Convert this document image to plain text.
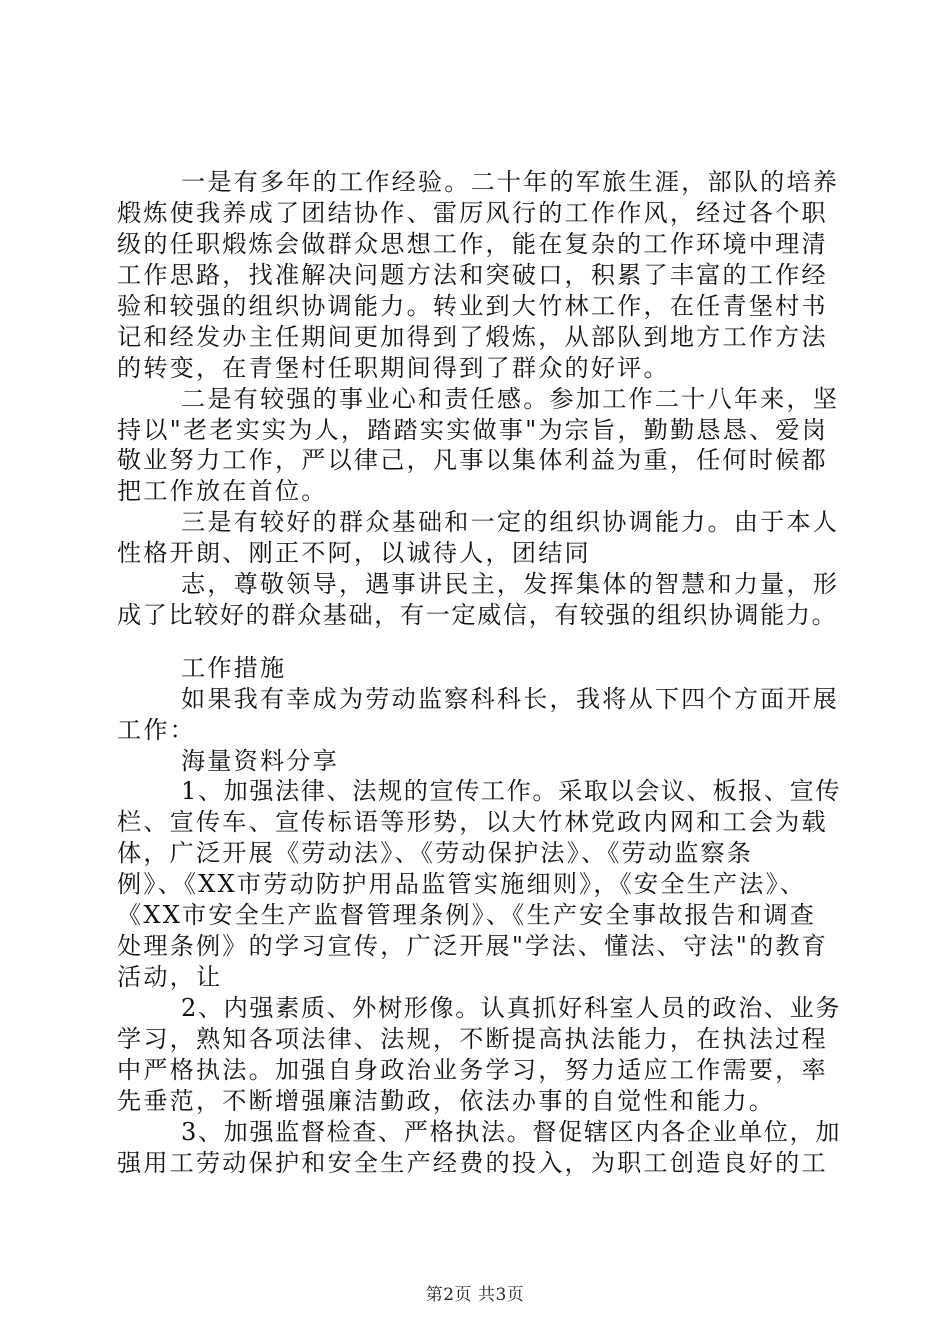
一是有多年的工作经验。二十年的军旅生涯，部队的培养
煅炼使我养成了团结协作、雷厉风行的工作作风，经过各个职
级的任职煅炼会做群众思想工作，能在复杂的工作环境中理清
工作思路，找准解决问题方法和突破口，积累了丰富的工作经
验和较强的组织协调能力。转业到大竹林工作，在任青堡村书
记和经发办主任期间更加得到了煅炼，从部队到地方工作方法
的转变，在青堡村任职期间得到了群众的好评。
二是有较强的事业心和责任感。参加工作二十八年来，坚
持以"老老实实为人，踏踏实实做事"为宗旨，勤勤恳恳、爱岗
敬业努力工作，严以律己，凡事以集体利益为重，任何时候都
把工作放在首位。
三是有较好的群众基础和一定的组织协调能力。由于本人
性格开朗、刚正不阿，以诚待人，团结同
志，尊敬领导，遇事讲民主，发挥集体的智慧和力量，形
成了比较好的群众基础，有一定威信，有较强的组织协调能力。
工作措施
如果我有幸成为劳动监察科科长，我将从下四个方面开展
工作：
海量资料分享
1、加强法律、法规的宣传工作。采取以会议、板报、宣传
栏、宣传车、宣传标语等形势，以大竹林党政内网和工会为载
体，广泛开展《劳动法》、《劳动保护法》、《劳动监察条
例》、《XX市劳动防护用品监管实施细则》，《安全生产法》、
《XX市安全生产监督管理条例》、《生产安全事故报告和调查
处理条例》的学习宣传，广泛开展"学法、懂法、守法"的教育
活动，让
2、内强素质、外树形像。认真抓好科室人员的政治、业务
学习，熟知各项法律、法规，不断提高执法能力，在执法过程
中严格执法。加强自身政治业务学习，努力适应工作需要，率
先垂范，不断增强廉洁勤政，依法办事的自觉性和能力。
3、加强监督检查、严格执法。督促辖区内各企业单位，加
强用工劳动保护和安全生产经费的投入，为职工创造良好的工
第2页 共3页
